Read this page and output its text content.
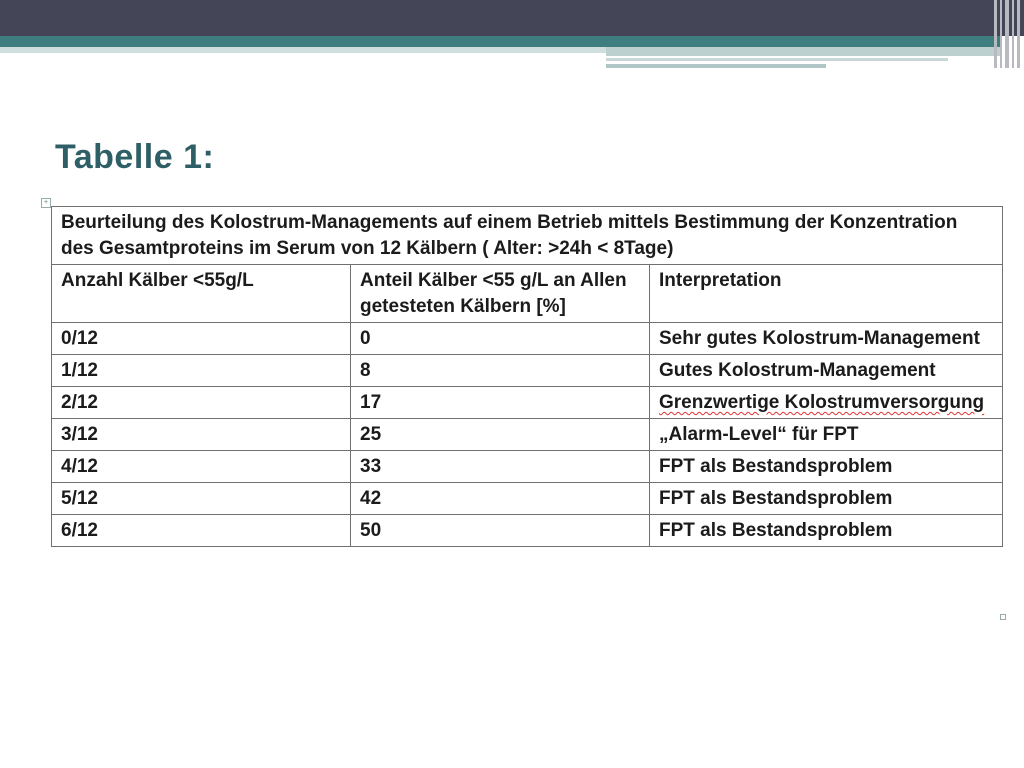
Tabelle 1:
+
Beurteilung des Kolostrum-Managements auf einem Betrieb mittels Bestimmung der Konzentration des Gesamtproteins im Serum von 12 Kälbern ( Alter: >24h < 8Tage)		
Anzahl Kälber <55g/L	Anteil Kälber <55 g/L an Allen getesteten Kälbern [%]	Interpretation
0/12	0	Sehr gutes Kolostrum-Management
1/12	8	Gutes Kolostrum-Management
2/12	17	Grenzwertige Kolostrumversorgung
3/12	25	„Alarm-Level“ für FPT
4/12	33	FPT als Bestandsproblem
5/12	42	FPT als Bestandsproblem
6/12	50	FPT als Bestandsproblem
